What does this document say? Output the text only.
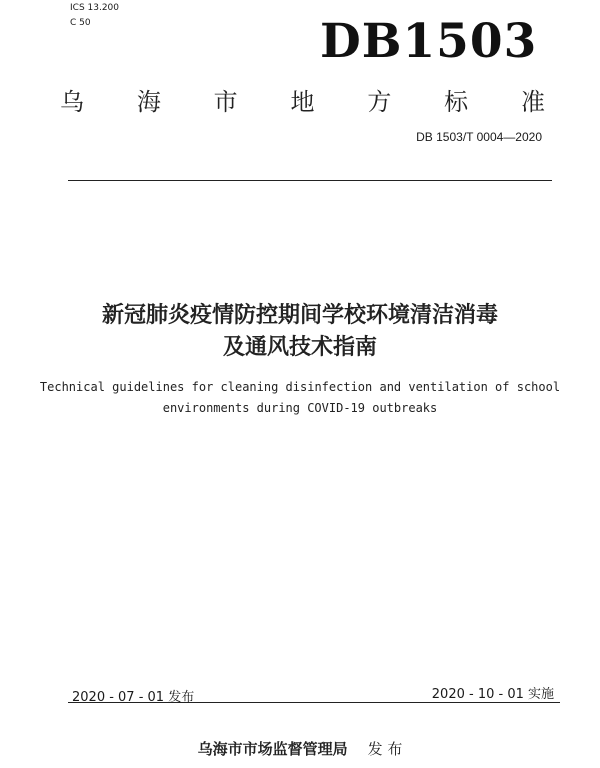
ICS 13.200
C 50	DB1503
乌 海 市 地 方 标 准
DB 1503/T 0004—2020
新冠肺炎疫情防控期间学校环境清洁消毒
及通风技术指南
Technical guidelines for cleaning disinfection and ventilation of school
environments during COVID-19 outbreaks
2020 - 07 - 01 发布	2020 - 10 - 01 实施
乌海市市场监督管理局 发 布
